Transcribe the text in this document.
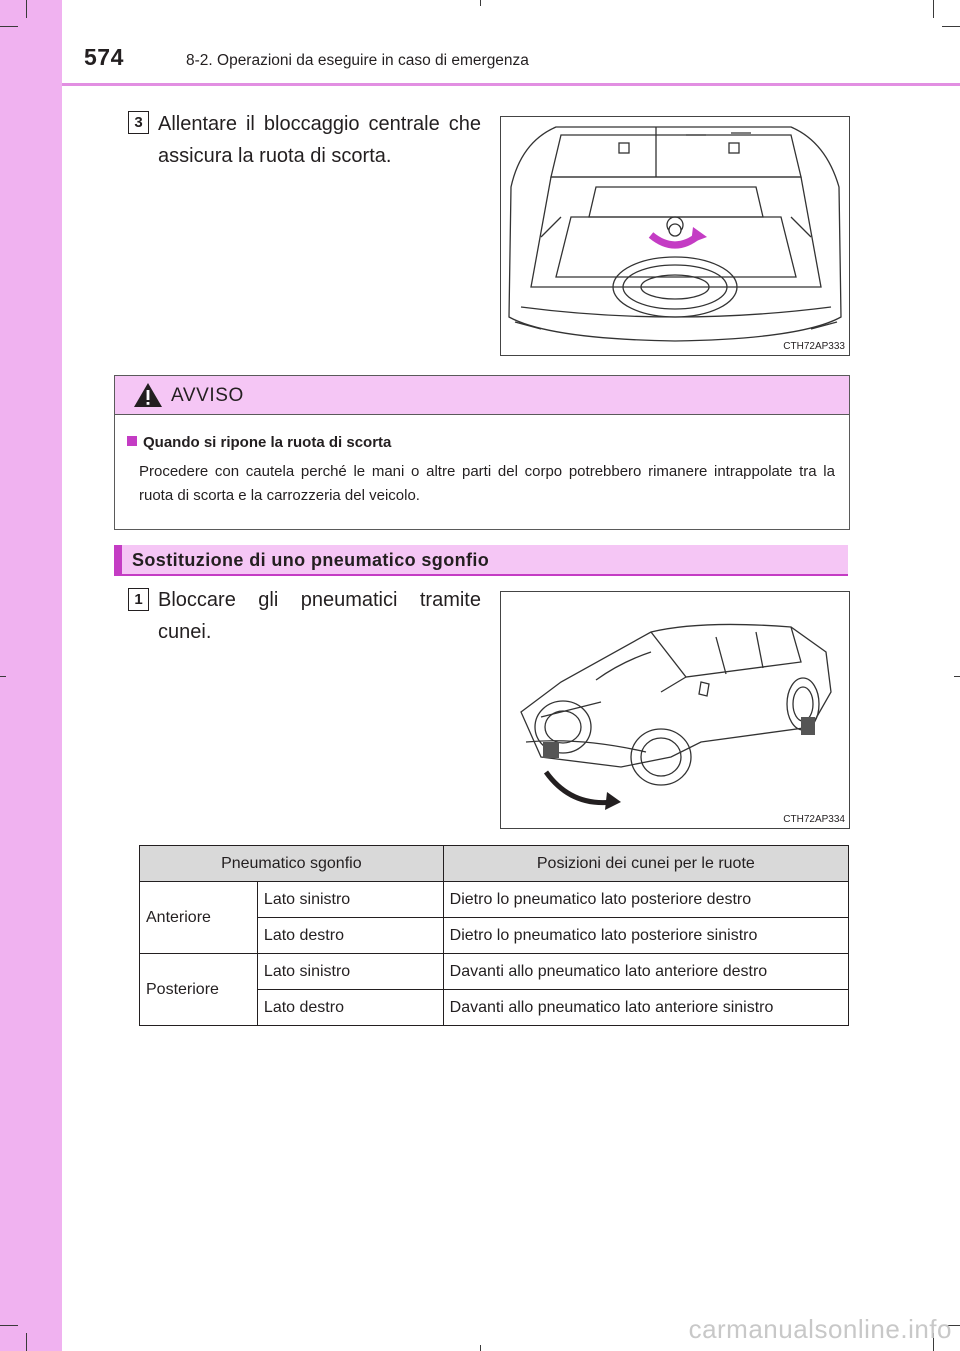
574	8-2. Operazioni da eseguire in caso di emergenza
3 Allentare il bloccaggio centrale che assicura la ruota di scorta.
CTH72AP333
AVVISO
Quando si ripone la ruota di scorta
Procedere con cautela perché le mani o altre parti del corpo potrebbero rimanere intrappolate tra la ruota di scorta e la carrozzeria del veicolo.
Sostituzione di uno pneumatico sgonfio
1 Bloccare gli pneumatici tramite
cunei.
CTH72AP334
Pneumatico sgonfio		Posizioni dei cunei per le ruote
Anteriore	Lato sinistro	Dietro lo pneumatico lato posteriore destro
	Lato destro	Dietro lo pneumatico lato posteriore sinistro
Posteriore	Lato sinistro	Davanti allo pneumatico lato anteriore destro
	Lato destro	Davanti allo pneumatico lato anteriore sinistro
carmanualsonline.info
